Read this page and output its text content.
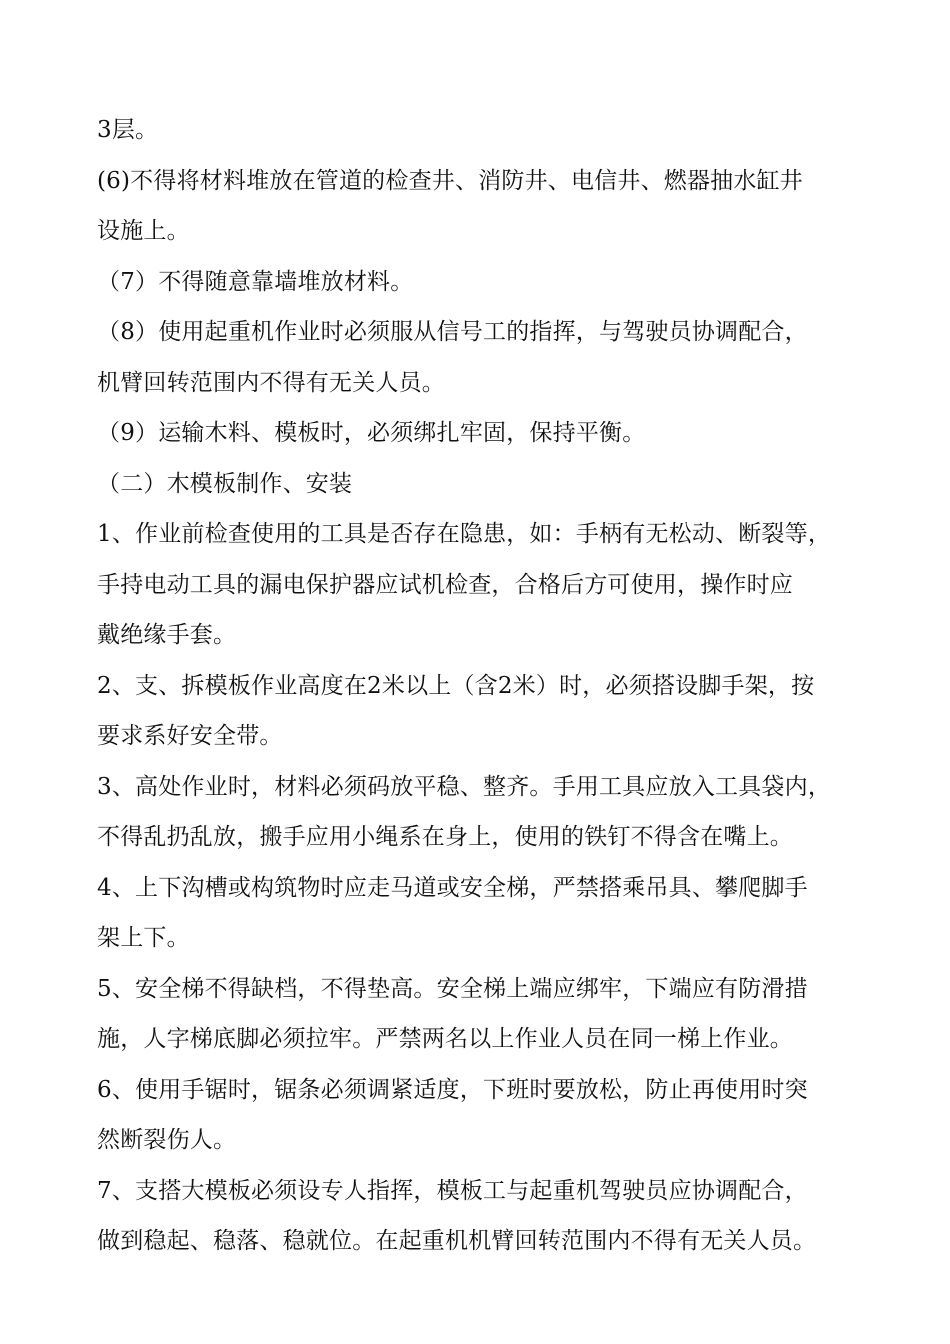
3层。

(6)不得将材料堆放在管道的检查井、消防井、电信井、燃器抽水缸井
设施上。

（7）不得随意靠墙堆放材料。

（8）使用起重机作业时必须服从信号工的指挥，与驾驶员协调配合，
机臂回转范围内不得有无关人员。

（9）运输木料、模板时，必须绑扎牢固，保持平衡。

（二）木模板制作、安装

1、作业前检查使用的工具是否存在隐患，如：手柄有无松动、断裂等，
手持电动工具的漏电保护器应试机检查，合格后方可使用，操作时应
戴绝缘手套。

2、支、拆模板作业高度在2米以上（含2米）时，必须搭设脚手架，按
要求系好安全带。

3、高处作业时，材料必须码放平稳、整齐。手用工具应放入工具袋内，
不得乱扔乱放，搬手应用小绳系在身上，使用的铁钉不得含在嘴上。

4、上下沟槽或构筑物时应走马道或安全梯，严禁搭乘吊具、攀爬脚手
架上下。

5、安全梯不得缺档，不得垫高。安全梯上端应绑牢，下端应有防滑措
施，人字梯底脚必须拉牢。严禁两名以上作业人员在同一梯上作业。

6、使用手锯时，锯条必须调紧适度，下班时要放松，防止再使用时突
然断裂伤人。

7、支搭大模板必须设专人指挥，模板工与起重机驾驶员应协调配合，
做到稳起、稳落、稳就位。在起重机机臂回转范围内不得有无关人员。
